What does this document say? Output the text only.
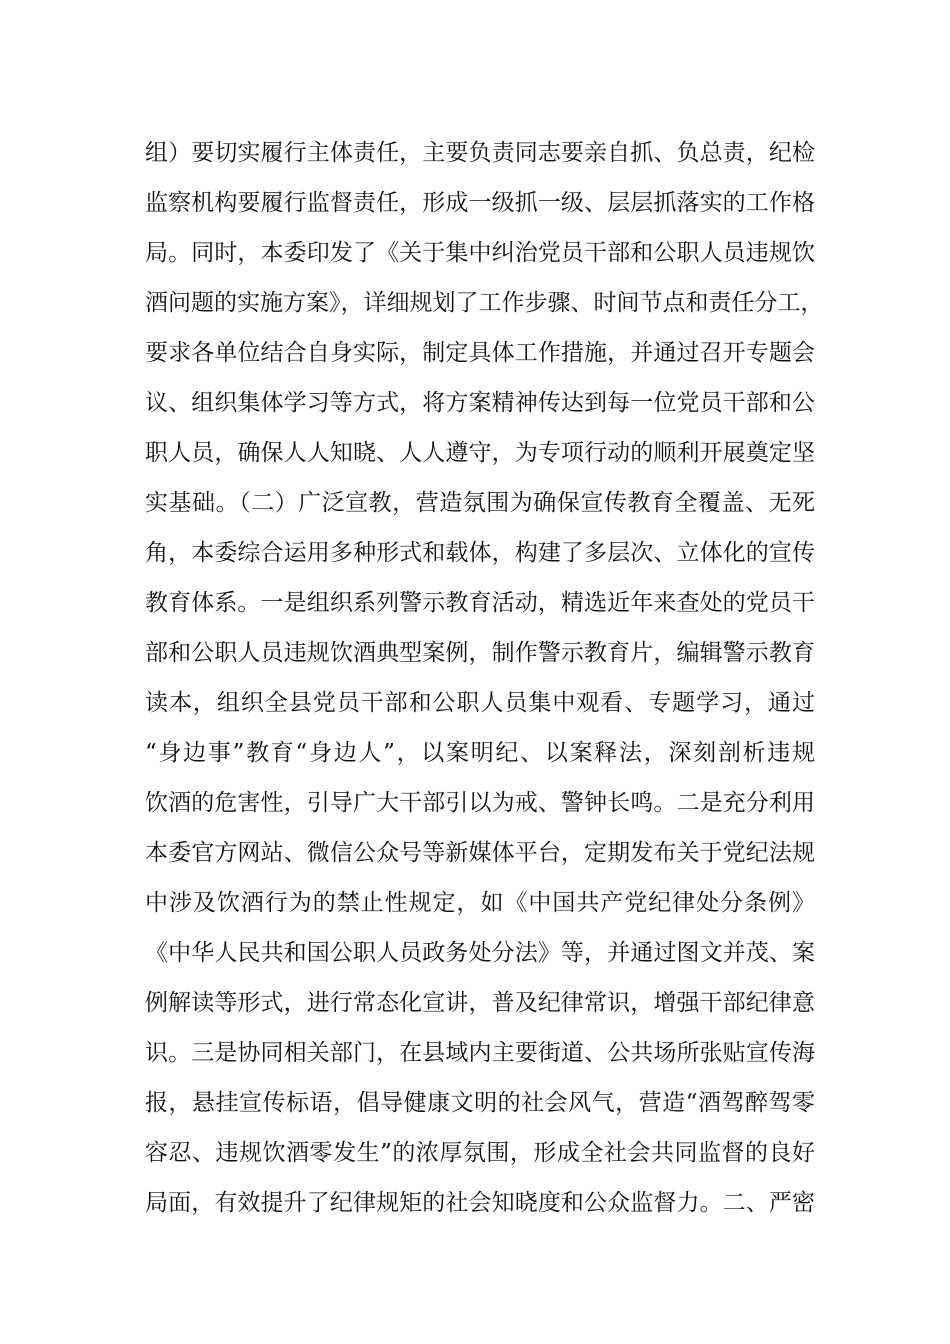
组）要切实履行主体责任，主要负责同志要亲自抓、负总责，纪检
监察机构要履行监督责任，形成一级抓一级、层层抓落实的工作格
局。同时，本委印发了《关于集中纠治党员干部和公职人员违规饮
酒问题的实施方案》，详细规划了工作步骤、时间节点和责任分工，
要求各单位结合自身实际，制定具体工作措施，并通过召开专题会
议、组织集体学习等方式，将方案精神传达到每一位党员干部和公
职人员，确保人人知晓、人人遵守，为专项行动的顺利开展奠定坚
实基础。（二）广泛宣教，营造氛围为确保宣传教育全覆盖、无死
角，本委综合运用多种形式和载体，构建了多层次、立体化的宣传
教育体系。一是组织系列警示教育活动，精选近年来查处的党员干
部和公职人员违规饮酒典型案例，制作警示教育片，编辑警示教育
读本，组织全县党员干部和公职人员集中观看、专题学习，通过
“身边事”教育“身边人”，以案明纪、以案释法，深刻剖析违规
饮酒的危害性，引导广大干部引以为戒、警钟长鸣。二是充分利用
本委官方网站、微信公众号等新媒体平台，定期发布关于党纪法规
中涉及饮酒行为的禁止性规定，如《中国共产党纪律处分条例》
《中华人民共和国公职人员政务处分法》等，并通过图文并茂、案
例解读等形式，进行常态化宣讲，普及纪律常识，增强干部纪律意
识。三是协同相关部门，在县域内主要街道、公共场所张贴宣传海
报，悬挂宣传标语，倡导健康文明的社会风气，营造“酒驾醉驾零
容忍、违规饮酒零发生”的浓厚氛围，形成全社会共同监督的良好
局面，有效提升了纪律规矩的社会知晓度和公众监督力。二、严密
